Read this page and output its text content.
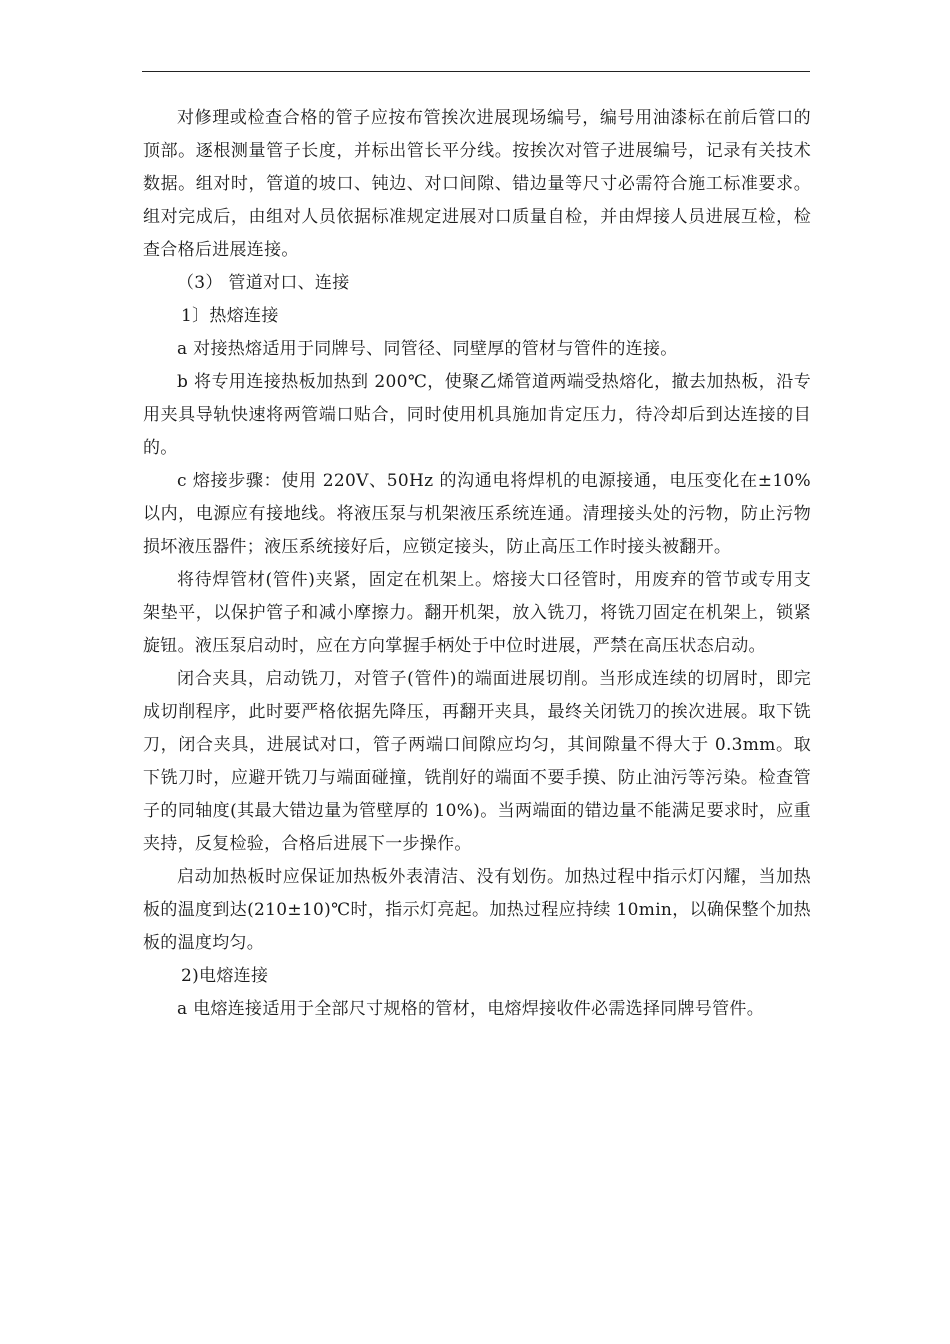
对修理或检查合格的管子应按布管挨次进展现场编号，编号用油漆标在前后管口的顶部。逐根测量管子长度，并标出管长平分线。按挨次对管子进展编号，记录有关技术数据。组对时，管道的坡口、钝边、对口间隙、错边量等尺寸必需符合施工标准要求。组对完成后，由组对人员依据标准规定进展对口质量自检，并由焊接人员进展互检，检查合格后进展连接。

（3） 管道对口、连接

1〕热熔连接

a 对接热熔适用于同牌号、同管径、同壁厚的管材与管件的连接。

b 将专用连接热板加热到 200℃，使聚乙烯管道两端受热熔化，撤去加热板，沿专用夹具导轨快速将两管端口贴合，同时使用机具施加肯定压力，待冷却后到达连接的目的。

c 熔接步骤：使用 220V、50Hz 的沟通电将焊机的电源接通，电压变化在±10%以内，电源应有接地线。将液压泵与机架液压系统连通。清理接头处的污物，防止污物损坏液压器件；液压系统接好后，应锁定接头，防止高压工作时接头被翻开。

将待焊管材(管件)夹紧，固定在机架上。熔接大口径管时，用废弃的管节或专用支架垫平，以保护管子和减小摩擦力。翻开机架，放入铣刀，将铣刀固定在机架上，锁紧旋钮。液压泵启动时，应在方向掌握手柄处于中位时进展，严禁在高压状态启动。

闭合夹具，启动铣刀，对管子(管件)的端面进展切削。当形成连续的切屑时，即完成切削程序，此时要严格依据先降压，再翻开夹具，最终关闭铣刀的挨次进展。取下铣刀，闭合夹具，进展试对口，管子两端口间隙应均匀，其间隙量不得大于 0.3mm。取下铣刀时，应避开铣刀与端面碰撞，铣削好的端面不要手摸、防止油污等污染。检查管子的同轴度(其最大错边量为管壁厚的 10%)。当两端面的错边量不能满足要求时，应重夹持，反复检验，合格后进展下一步操作。

启动加热板时应保证加热板外表清洁、没有划伤。加热过程中指示灯闪耀，当加热板的温度到达(210±10)℃时，指示灯亮起。加热过程应持续 10min，以确保整个加热板的温度均匀。

2)电熔连接

a 电熔连接适用于全部尺寸规格的管材，电熔焊接收件必需选择同牌号管件。
